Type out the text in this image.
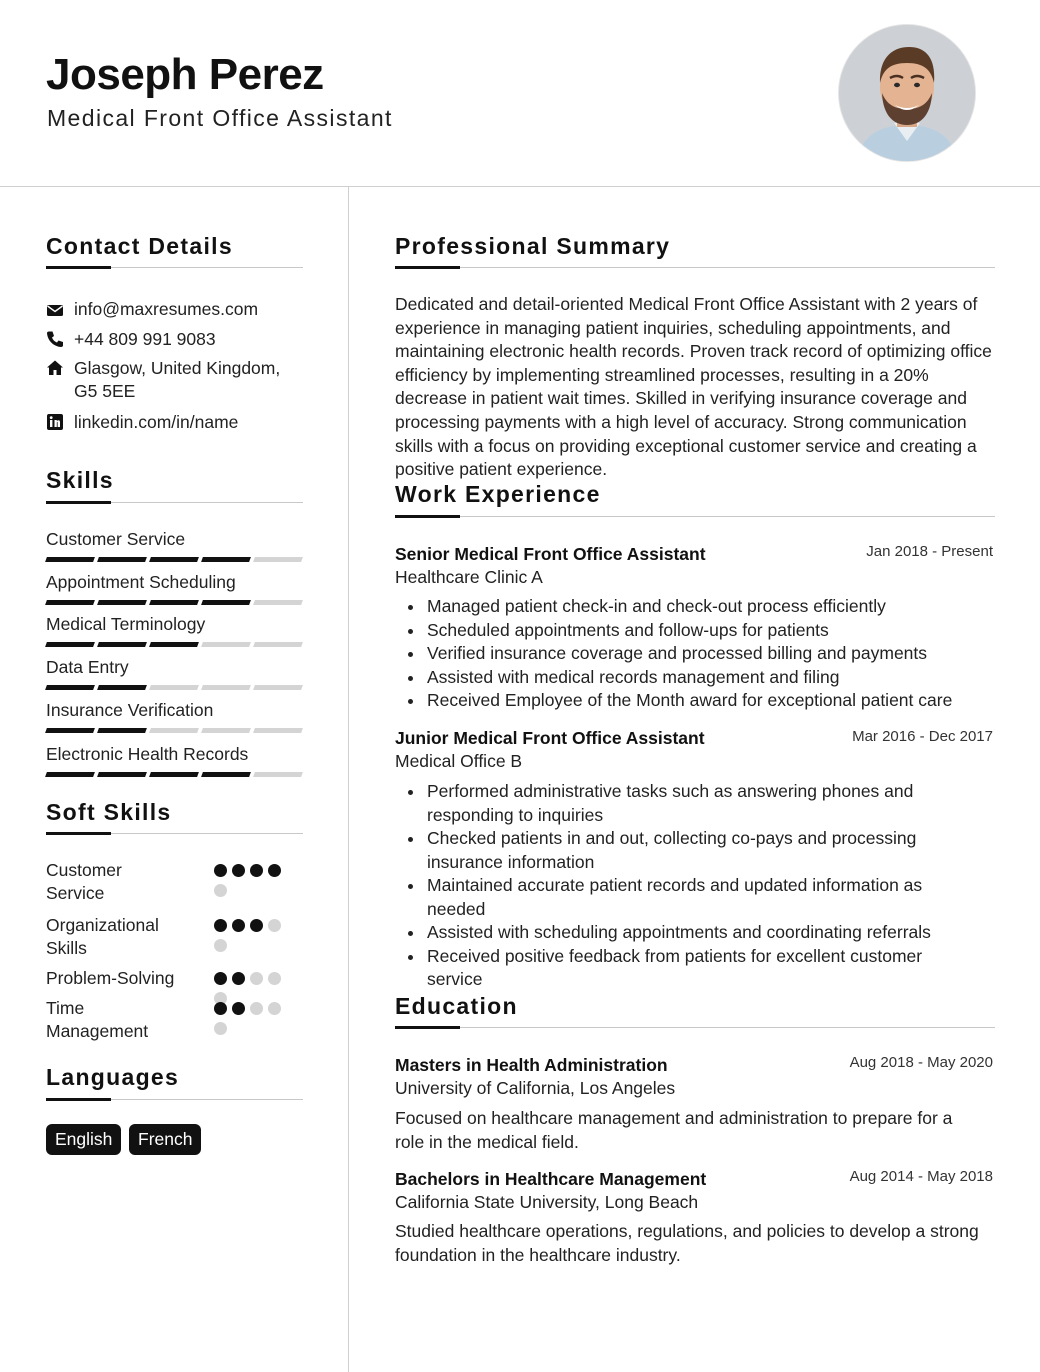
Joseph Perez
Medical Front Office Assistant
Contact Details
info@maxresumes.com
+44 809 991 9083
Glasgow, United Kingdom,
G5 5EE
linkedin.com/in/name
Skills
Customer Service
Appointment Scheduling
Medical Terminology
Data Entry
Insurance Verification
Electronic Health Records
Soft Skills
Customer
Service
Organizational
Skills
Problem-Solving
Time
Management
Languages
English	French
Professional Summary

Dedicated and detail-oriented Medical Front Office Assistant with 2 years of experience in managing patient inquiries, scheduling appointments, and maintaining electronic health records. Proven track record of optimizing office efficiency by implementing streamlined processes, resulting in a 20% decrease in patient wait times. Skilled in verifying insurance coverage and processing payments with a high level of accuracy. Strong communication skills with a focus on providing exceptional customer service and creating a positive patient experience.

Work Experience
Senior Medical Front Office Assistant	Jan 2018 - Present
Healthcare Clinic A
Managed patient check-in and check-out process efficiently
Scheduled appointments and follow-ups for patients
Verified insurance coverage and processed billing and payments
Assisted with medical records management and filing
Received Employee of the Month award for exceptional patient care
Junior Medical Front Office Assistant	Mar 2016 - Dec 2017
Medical Office B
Performed administrative tasks such as answering phones and responding to inquiries
Checked patients in and out, collecting co-pays and processing insurance information
Maintained accurate patient records and updated information as needed
Assisted with scheduling appointments and coordinating referrals
Received positive feedback from patients for excellent customer service
Education
Masters in Health Administration	Aug 2018 - May 2020
University of California, Los Angeles

Focused on healthcare management and administration to prepare for a role in the medical field.

Bachelors in Healthcare Management	Aug 2014 - May 2018
California State University, Long Beach

Studied healthcare operations, regulations, and policies to develop a strong foundation in the healthcare industry.
